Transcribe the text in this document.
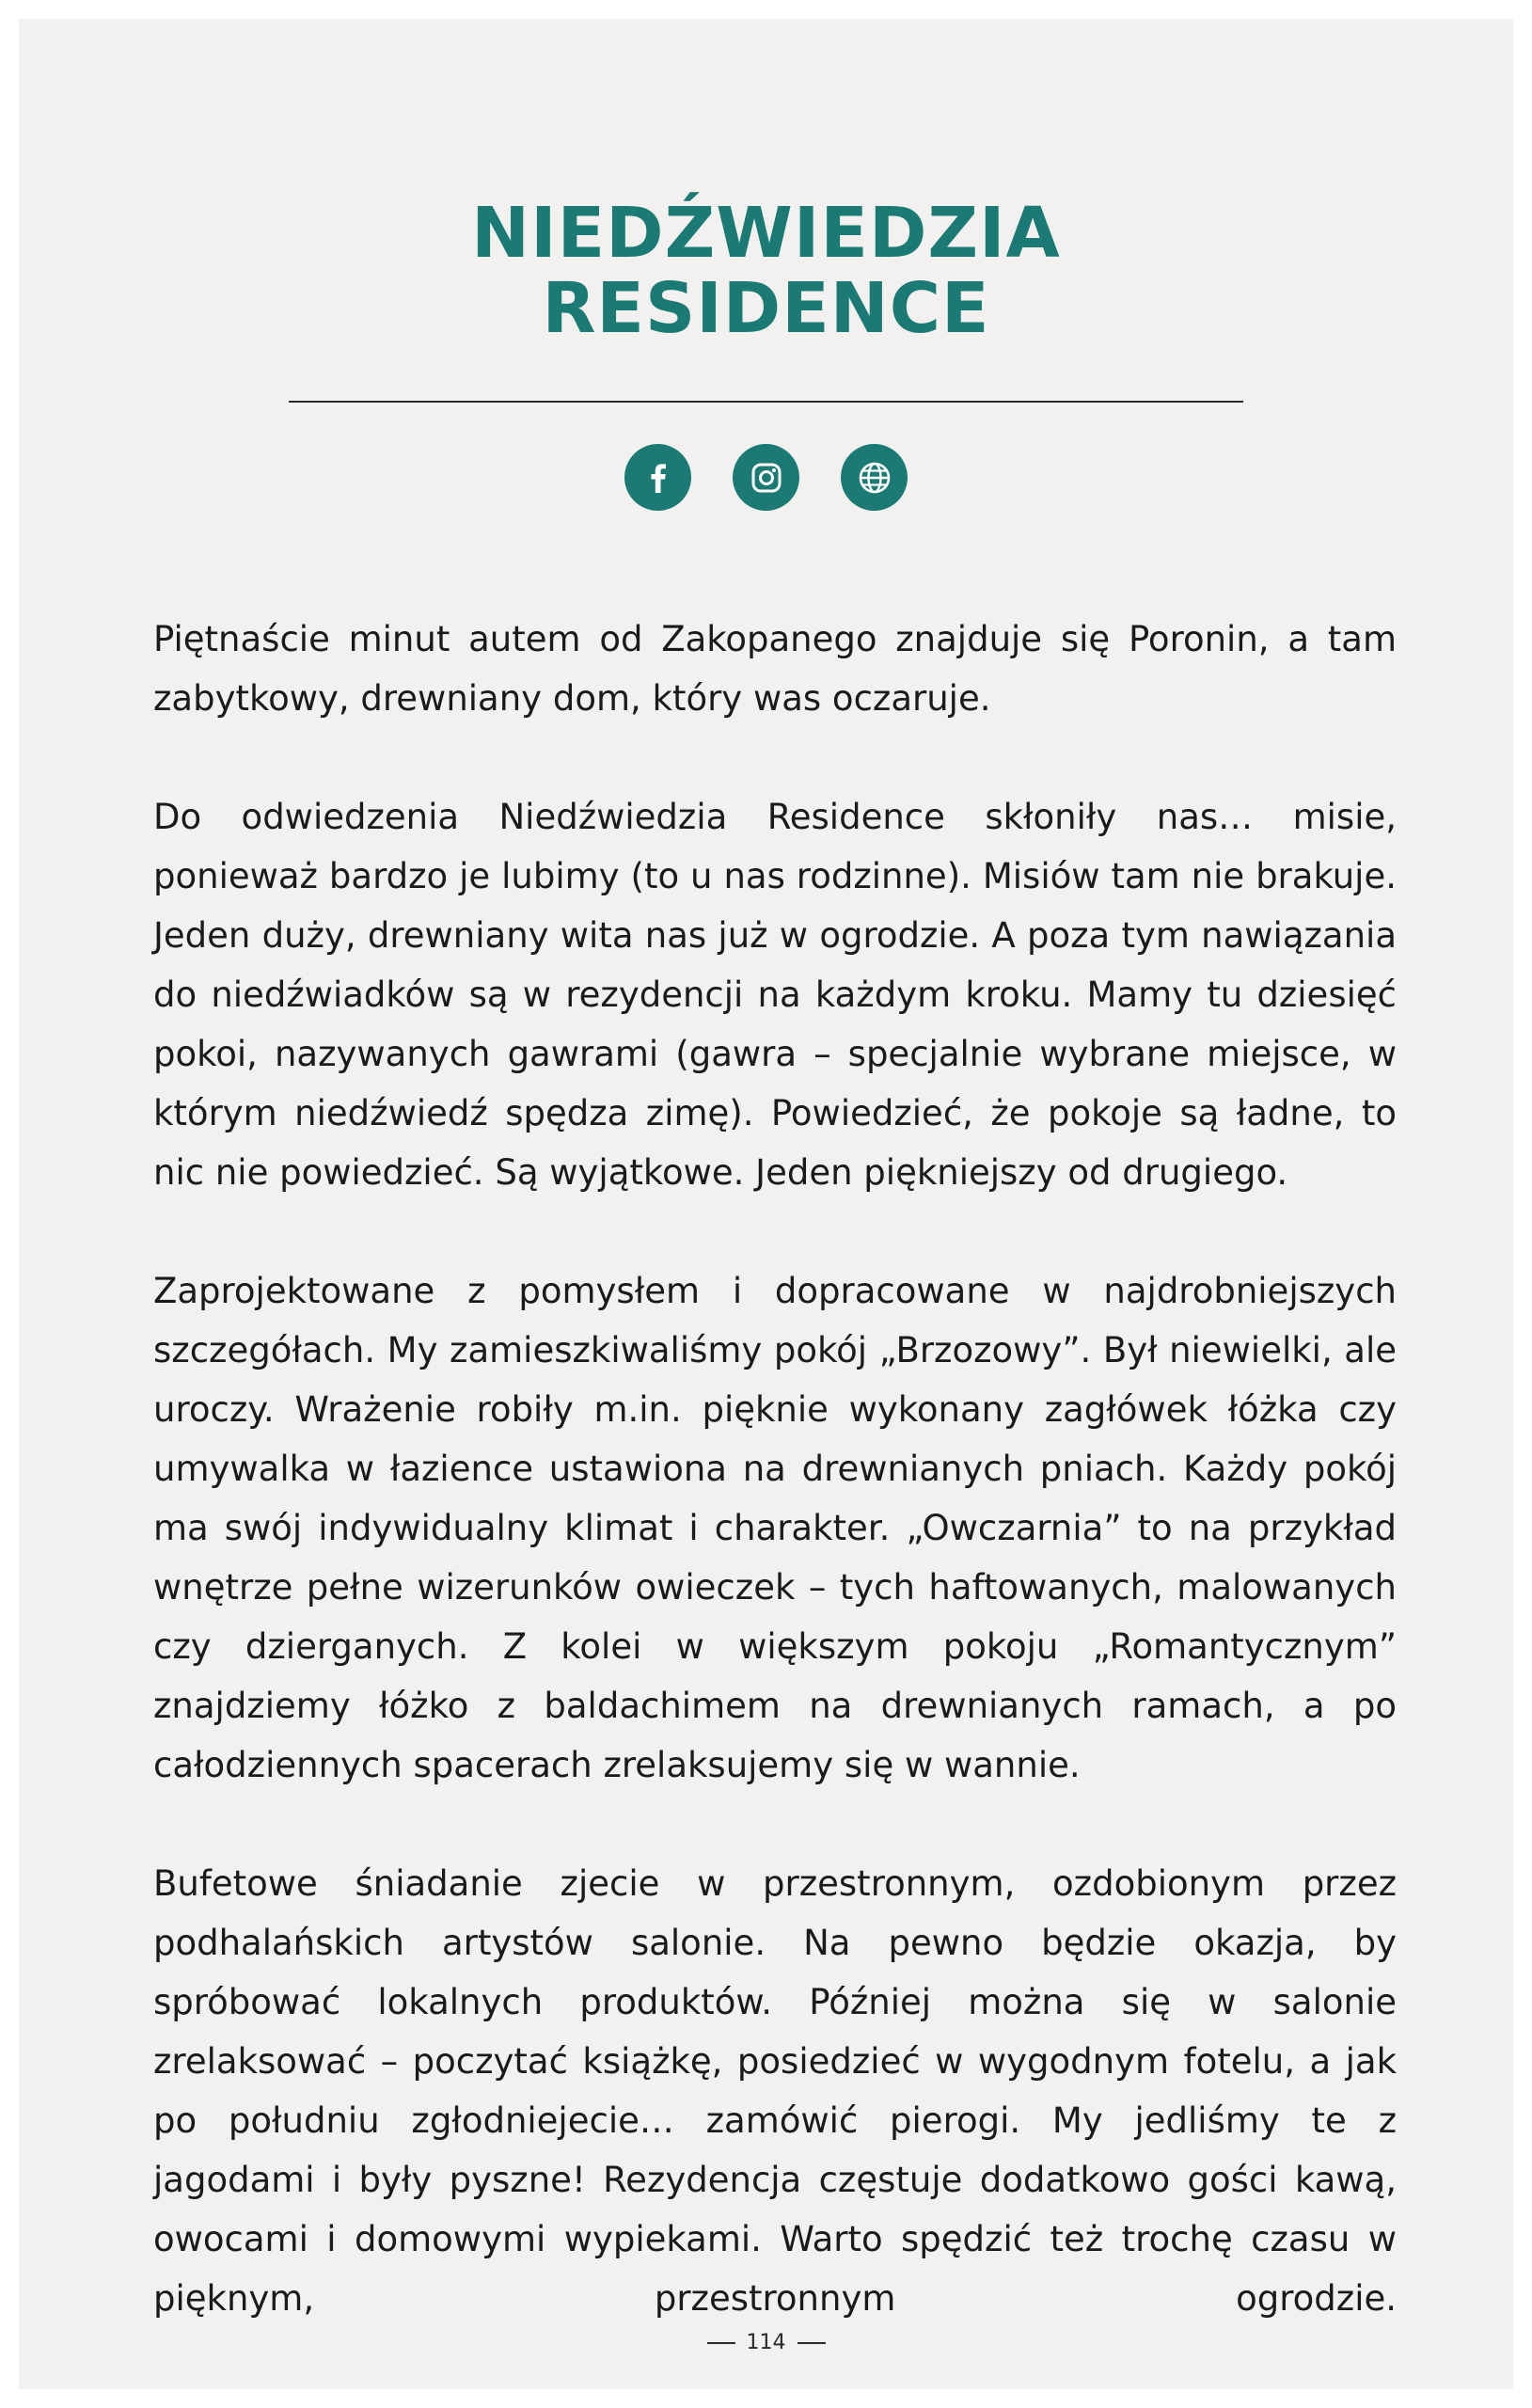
NIEDŹWIEDZIA
RESIDENCE

Piętnaście minut autem od Zakopanego znajduje się Poronin, a tam zabytkowy, drewniany dom, który was oczaruje.

Do odwiedzenia Niedźwiedzia Residence skłoniły nas… misie, ponieważ bardzo je lubimy (to u nas rodzinne). Misiów tam nie brakuje. Jeden duży, drewniany wita nas już w ogrodzie. A poza tym nawiązania do niedźwiadków są w rezydencji na każdym kroku. Mamy tu dziesięć pokoi, nazywanych gawrami (gawra – specjalnie wybrane miejsce, w którym niedźwiedź spędza zimę). Powiedzieć, że pokoje są ładne, to nic nie powiedzieć. Są wyjątkowe. Jeden piękniejszy od drugiego.

Zaprojektowane z pomysłem i dopracowane w najdrobniejszych szczegółach. My zamieszkiwaliśmy pokój „Brzozowy”. Był niewielki, ale uroczy. Wrażenie robiły m.in. pięknie wykonany zagłówek łóżka czy umywalka w łazience ustawiona na drewnianych pniach. Każdy pokój ma swój indywidualny klimat i charakter. „Owczarnia” to na przykład wnętrze pełne wizerunków owieczek – tych haftowanych, malowanych czy dzierganych. Z kolei w większym pokoju „Romantycznym” znajdziemy łóżko z baldachimem na drewnianych ramach, a po całodziennych spacerach zrelaksujemy się w wannie.

Bufetowe śniadanie zjecie w przestronnym, ozdobionym przez podhalańskich artystów salonie. Na pewno będzie okazja, by spróbować lokalnych produktów. Później można się w salonie zrelaksować – poczytać książkę, posiedzieć w wygodnym fotelu, a jak po południu zgłodniejecie… zamówić pierogi. My jedliśmy te z jagodami i były pyszne! Rezydencja częstuje dodatkowo gości kawą, owocami i domowymi wypiekami. Warto spędzić też trochę czasu w pięknym, przestronnym ogrodzie.

114
